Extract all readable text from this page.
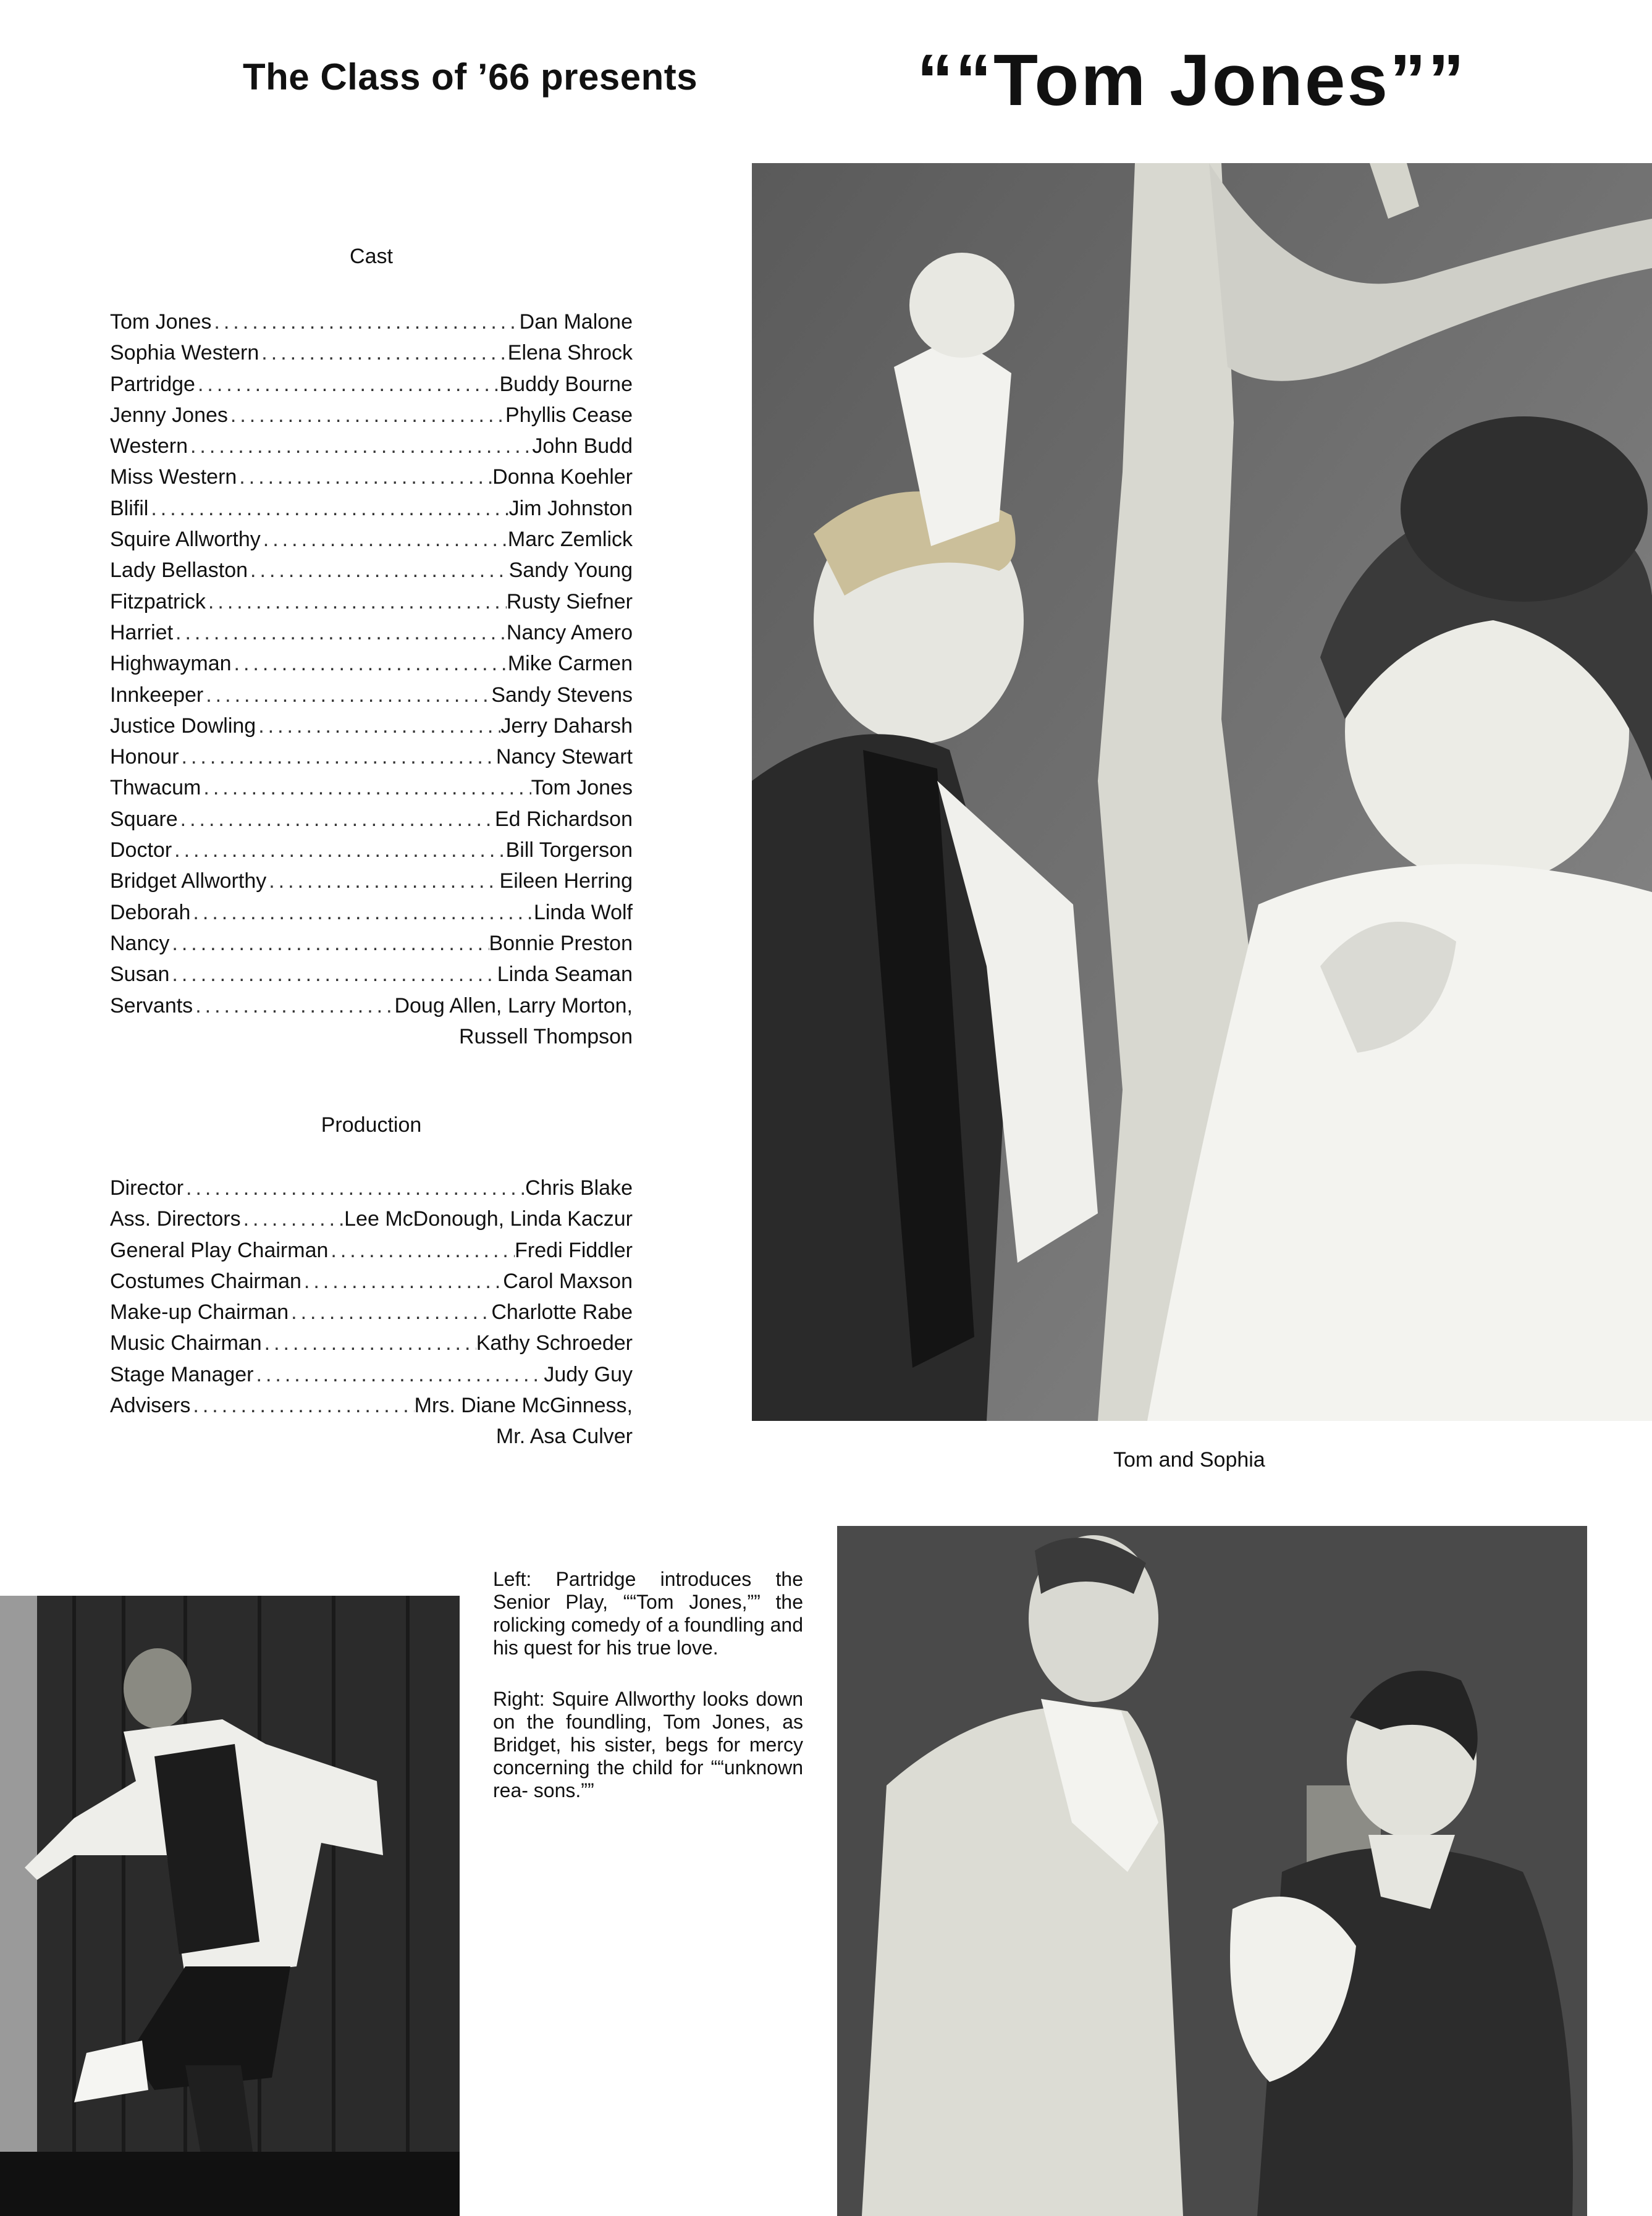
The Class of ’66 presents	““Tom Jones””
Cast
Tom Jones .....	Dan Malone
Sophia Western .....	Elena Shrock
Partridge .....	Buddy Bourne
Jenny Jones .....	Phyllis Cease
Western .....	John Budd
Miss Western .....	Donna Koehler
Blifil .....	Jim Johnston
Squire Allworthy .....	Marc Zemlick
Lady Bellaston .....	Sandy Young
Fitzpatrick .....	Rusty Siefner
Harriet .....	Nancy Amero
Highwayman .....	Mike Carmen
Innkeeper .....	Sandy Stevens
Justice Dowling .....	Jerry Daharsh
Honour .....	Nancy Stewart
Thwacum .....	Tom Jones
Square .....	Ed Richardson
Doctor .....	Bill Torgerson
Bridget Allworthy .....	Eileen Herring
Deborah .....	Linda Wolf
Nancy .....	Bonnie Preston
Susan .....	Linda Seaman
Servants .....	Doug Allen, Larry Morton,
Russell Thompson
Production
Director .....	Chris Blake
Ass. Directors .....	Lee McDonough, Linda Kaczur
General Play Chairman .....	Fredi Fiddler
Costumes Chairman .....	Carol Maxson
Make-up Chairman .....	Charlotte Rabe
Music Chairman .....	Kathy Schroeder
Stage Manager .....	Judy Guy
Advisers .....	Mrs. Diane McGinness,
Mr. Asa Culver
Tom and Sophia

Left: Partridge introduces the Senior Play, ““Tom Jones,”” the rolicking comedy of a foundling and his quest for his true love.

Right: Squire Allworthy looks down on the foundling, Tom Jones, as Bridget, his sister, begs for mercy concerning the child for ““unknown rea- sons.””
